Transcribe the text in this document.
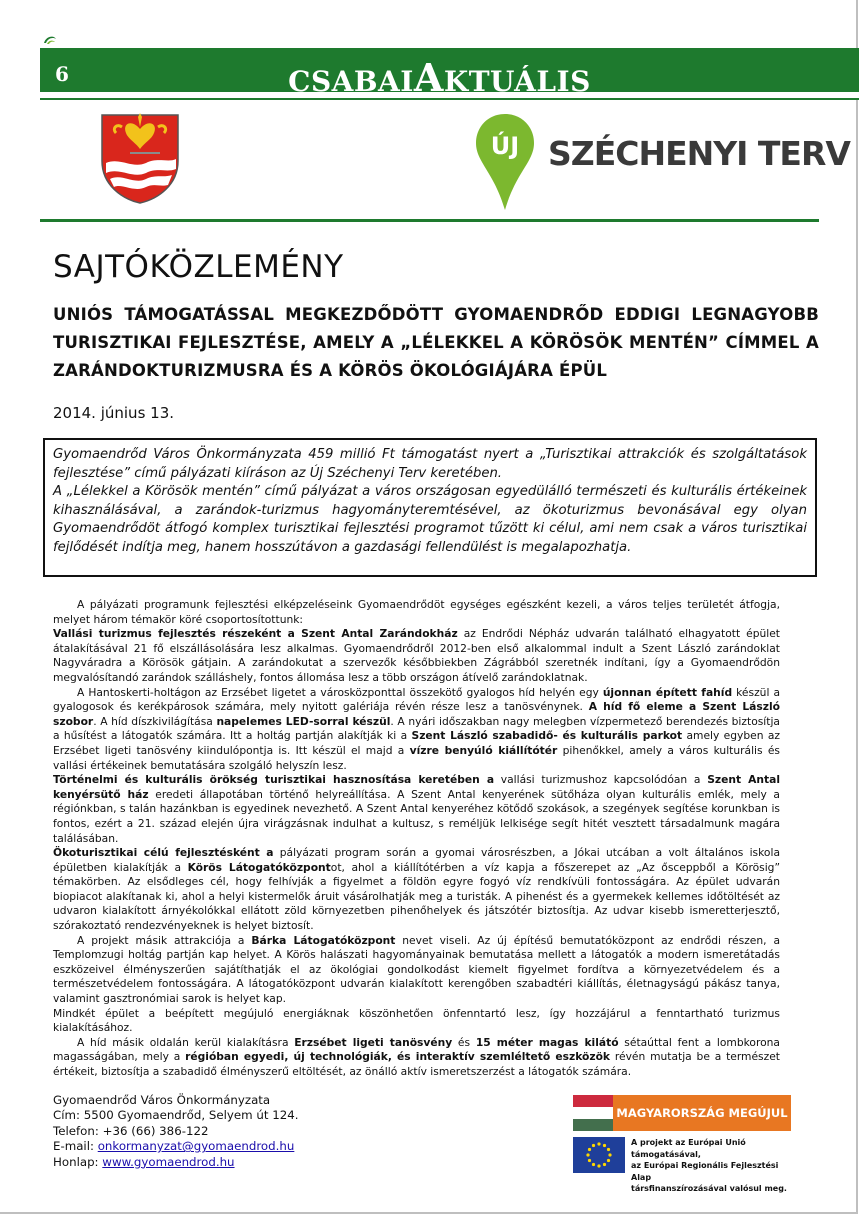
6	CSABAIAKTUÁLIS
ÚJ SZÉCHENYI TERV
SAJTÓKÖZLEMÉNY
UNIÓS TÁMOGATÁSSAL MEGKEZDŐDÖTT GYOMAENDRŐD EDDIGI LEGNAGYOBB TURISZTIKAI FEJLESZTÉSE, AMELY A „LÉLEKKEL A KÖRÖSÖK MENTÉN” CÍMMEL A ZARÁNDOKTURIZMUSRA ÉS A KÖRÖS ÖKOLÓGIÁJÁRA ÉPÜL
2014. június 13.

Gyomaendrőd Város Önkormányzata 459 millió Ft támogatást nyert a „Turisztikai attrakciók és szolgáltatások fejlesztése” című pályázati kiíráson az Új Széchenyi Terv keretében.

A „Lélekkel a Körösök mentén” című pályázat a város országosan egyedülálló természeti és kulturális értékeinek kihasználásával, a zarándok-turizmus hagyományteremtésével, az ökoturizmus bevonásával egy olyan Gyomaendrődöt átfogó komplex turisztikai fejlesztési programot tűzött ki célul, ami nem csak a város turisztikai fejlődését indítja meg, hanem hosszútávon a gazdasági fellendülést is megalapozhatja.

A pályázati programunk fejlesztési elképzeléseink Gyomaendrődöt egységes egészként kezeli, a város teljes területét átfogja, melyet három témakör köré csoportosítottunk:

Vallási turizmus fejlesztés részeként a Szent Antal Zarándokház az Endrődi Népház udvarán található elhagyatott épület átalakításával 21 fő elszállásolására lesz alkalmas. Gyomaendrődről 2012-ben első alkalommal indult a Szent László zarándoklat Nagyváradra a Körösök gátjain. A zarándokutat a szervezők későbbiekben Zágrábból szeretnék indítani, így a Gyomaendrődön megvalósítandó zarándok szálláshely, fontos állomása lesz a több országon átívelő zarándoklatnak.

A Hantoskerti-holtágon az Erzsébet ligetet a városközponttal összekötő gyalogos híd helyén egy újonnan épített fahíd készül a gyalogosok és kerékpárosok számára, mely nyitott galériája révén része lesz a tanösvénynek. A híd fő eleme a Szent László szobor. A híd díszkivilágítása napelemes LED-sorral készül. A nyári időszakban nagy melegben vízpermetező berendezés biztosítja a hűsítést a látogatók számára. Itt a holtág partján alakítják ki a Szent László szabadidő- és kulturális parkot amely egyben az Erzsébet ligeti tanösvény kiindulópontja is. Itt készül el majd a vízre benyúló kiállítótér pihenőkkel, amely a város kulturális és vallási értékeinek bemutatására szolgáló helyszín lesz.

Történelmi és kulturális örökség turisztikai hasznosítása keretében a vallási turizmushoz kapcsolódóan a Szent Antal kenyérsütő ház eredeti állapotában történő helyreállítása. A Szent Antal kenyerének sütőháza olyan kulturális emlék, mely a régiónkban, s talán hazánkban is egyedinek nevezhető. A Szent Antal kenyeréhez kötődő szokások, a szegények segítése korunkban is fontos, ezért a 21. század elején újra virágzásnak indulhat a kultusz, s reméljük lelkisége segít hitét vesztett társadalmunk magára találásában.

Ökoturisztikai célú fejlesztésként a pályázati program során a gyomai városrészben, a Jókai utcában a volt általános iskola épületben kialakítják a Körös Látogatóközpontot, ahol a kiállítótérben a víz kapja a főszerepet az „Az ősceppből a Körösig” témakörben. Az elsődleges cél, hogy felhívják a figyelmet a földön egyre fogyó víz rendkívüli fontosságára. Az épület udvarán biopiacot alakítanak ki, ahol a helyi kistermelők áruit vásárolhatják meg a turisták. A pihenést és a gyermekek kellemes időtöltését az udvaron kialakított árnyékolókkal ellátott zöld környezetben pihenőhelyek és játszótér biztosítja. Az udvar kisebb ismeretterjesztő, szórakoztató rendezvényeknek is helyet biztosít.

A projekt másik attrakciója a Bárka Látogatóközpont nevet viseli. Az új építésű bemutatóközpont az endrődi részen, a Templomzugi holtág partján kap helyet. A Körös halászati hagyományainak bemutatása mellett a látogatók a modern ismeretátadás eszközeivel élményszerűen sajátíthatják el az ökológiai gondolkodást kiemelt figyelmet fordítva a környezetvédelem és a természetvédelem fontosságára. A látogatóközpont udvarán kialakított kerengőben szabadtéri kiállítás, életnagyságú pákász tanya, valamint gasztronómiai sarok is helyet kap.

Mindkét épület a beépített megújuló energiáknak köszönhetően önfenntartó lesz, így hozzájárul a fenntartható turizmus kialakításához.

A híd másik oldalán kerül kialakításra Erzsébet ligeti tanösvény és 15 méter magas kilátó sétaúttal fent a lombkorona magasságában, mely a régióban egyedi, új technológiák, és interaktív szemléltető eszközök révén mutatja be a természet értékeit, biztosítja a szabadidő élményszerű eltöltését, az önálló aktív ismeretszerzést a látogatók számára.

Gyomaendrőd Város Önkormányzata
Cím: 5500 Gyomaendrőd, Selyem út 124.
Telefon: +36 (66) 386-122
E-mail: onkormanyzat@gyomaendrod.hu
Honlap: www.gyomaendrod.hu
MAGYARORSZÁG MEGÚJUL
A projekt az Európai Unió támogatásával,
az Európai Regionális Fejlesztési Alap
társfinanszírozásával valósul meg.
